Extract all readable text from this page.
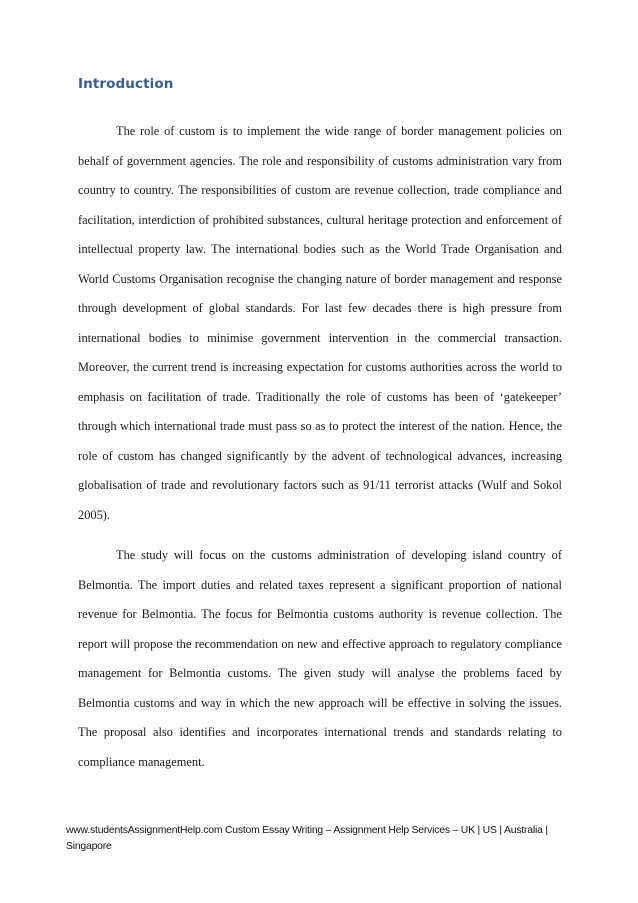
Introduction

The role of custom is to implement the wide range of border management policies on behalf of government agencies. The role and responsibility of customs administration vary from country to country. The responsibilities of custom are revenue collection, trade compliance and facilitation, interdiction of prohibited substances, cultural heritage protection and enforcement of intellectual property law. The international bodies such as the World Trade Organisation and World Customs Organisation recognise the changing nature of border management and response through development of global standards. For last few decades there is high pressure from international bodies to minimise government intervention in the commercial transaction. Moreover, the current trend is increasing expectation for customs authorities across the world to emphasis on facilitation of trade. Traditionally the role of customs has been of ‘gatekeeper’ through which international trade must pass so as to protect the interest of the nation. Hence, the role of custom has changed significantly by the advent of technological advances, increasing globalisation of trade and revolutionary factors such as 91/11 terrorist attacks (Wulf and Sokol 2005).

The study will focus on the customs administration of developing island country of Belmontia. The import duties and related taxes represent a significant proportion of national revenue for Belmontia. The focus for Belmontia customs authority is revenue collection. The report will propose the recommendation on new and effective approach to regulatory compliance management for Belmontia customs. The given study will analyse the problems faced by Belmontia customs and way in which the new approach will be effective in solving the issues. The proposal also identifies and incorporates international trends and standards relating to compliance management.

www.studentsAssignmentHelp.com Custom Essay Writing – Assignment Help Services – UK | US | Australia | Singapore
